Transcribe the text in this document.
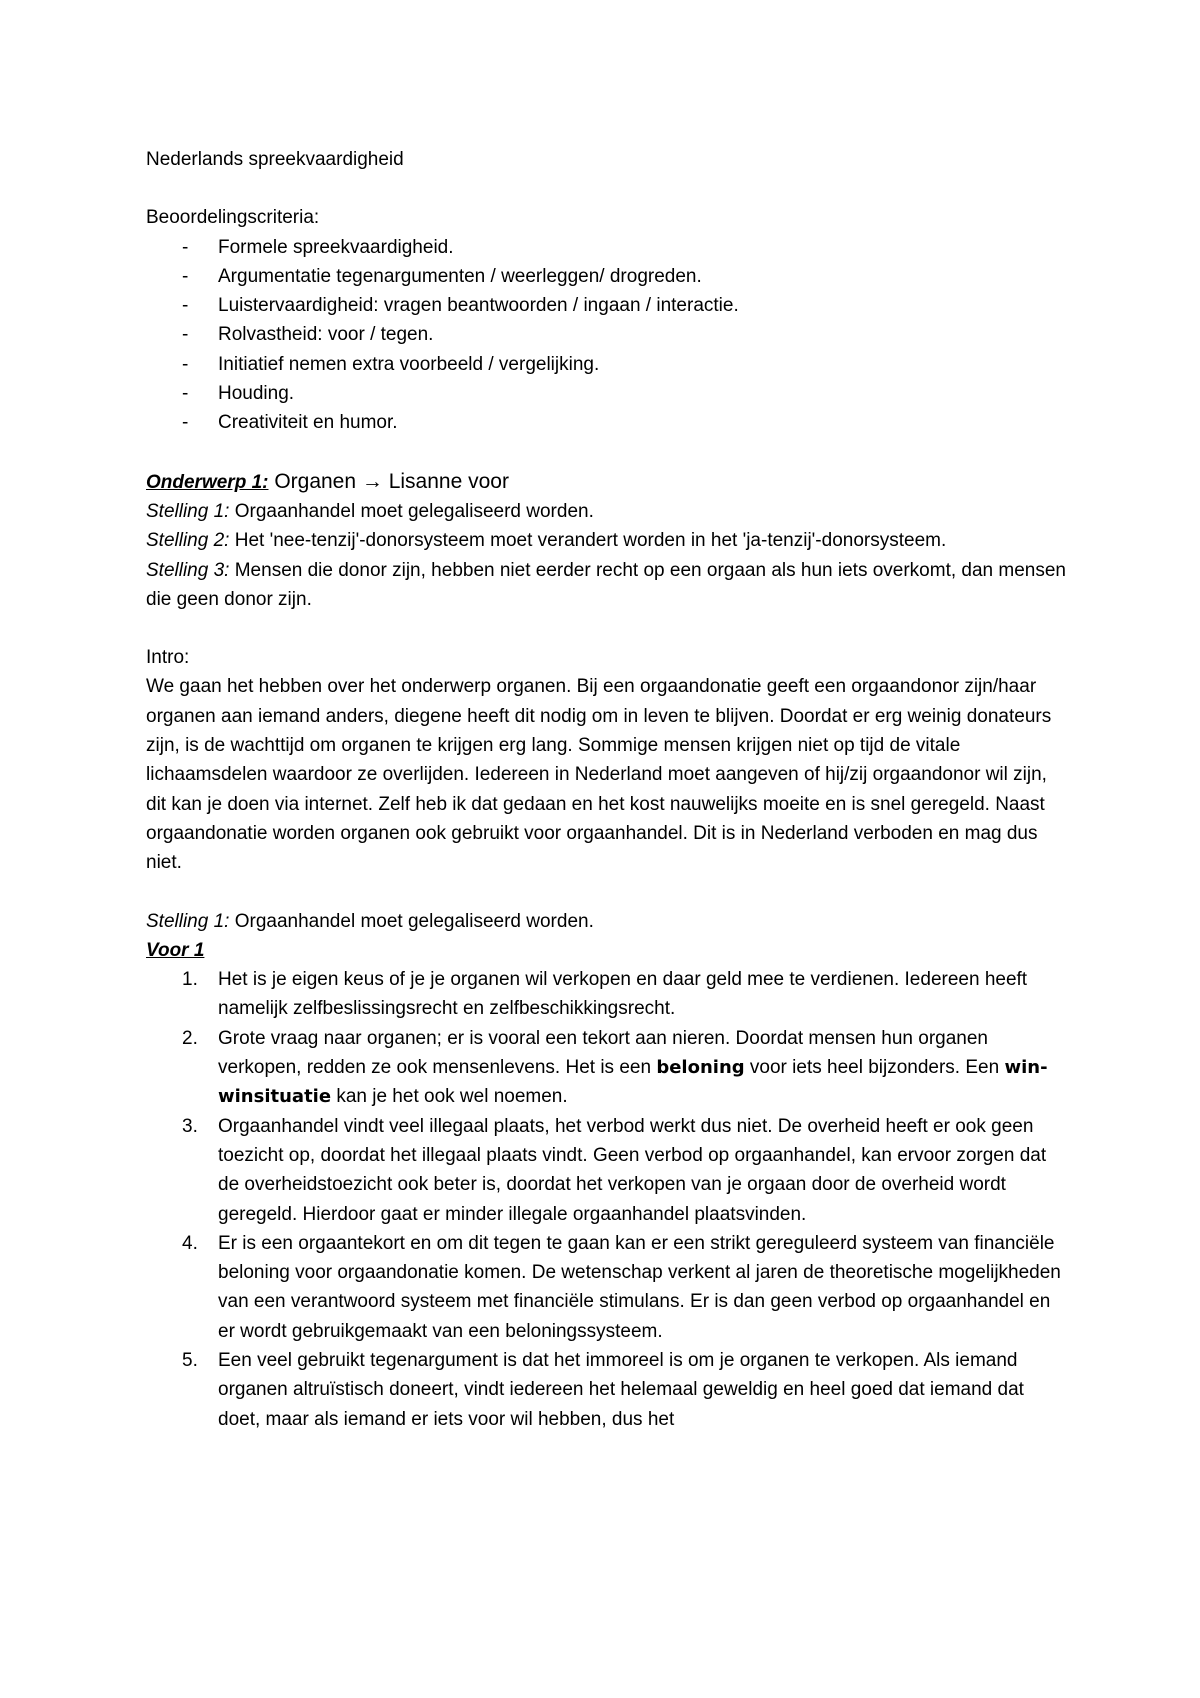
Nederlands spreekvaardigheid

Beoordelingscriteria:

- Formele spreekvaardigheid.
- Argumentatie tegenargumenten / weerleggen/ drogreden.
- Luistervaardigheid: vragen beantwoorden / ingaan / interactie.
- Rolvastheid: voor / tegen.
- Initiatief nemen extra voorbeeld / vergelijking.
- Houding.
- Creativiteit en humor.

Onderwerp 1: Organen → Lisanne voor

Stelling 1: Orgaanhandel moet gelegaliseerd worden.

Stelling 2: Het 'nee-tenzij'-donorsysteem moet verandert worden in het 'ja-tenzij'-donorsysteem.

Stelling 3: Mensen die donor zijn, hebben niet eerder recht op een orgaan als hun iets overkomt, dan mensen die geen donor zijn.

Intro:

We gaan het hebben over het onderwerp organen. Bij een orgaandonatie geeft een orgaandonor zijn/haar organen aan iemand anders, diegene heeft dit nodig om in leven te blijven. Doordat er erg weinig donateurs zijn, is de wachttijd om organen te krijgen erg lang. Sommige mensen krijgen niet op tijd de vitale lichaamsdelen waardoor ze overlijden. Iedereen in Nederland moet aangeven of hij/zij orgaandonor wil zijn, dit kan je doen via internet. Zelf heb ik dat gedaan en het kost nauwelijks moeite en is snel geregeld. Naast orgaandonatie worden organen ook gebruikt voor orgaanhandel. Dit is in Nederland verboden en mag dus niet.

Stelling 1: Orgaanhandel moet gelegaliseerd worden.

Voor 1

1. Het is je eigen keus of je je organen wil verkopen en daar geld mee te verdienen. Iedereen heeft namelijk zelfbeslissingsrecht en zelfbeschikkingsrecht.
2. Grote vraag naar organen; er is vooral een tekort aan nieren. Doordat mensen hun organen verkopen, redden ze ook mensenlevens. Het is een beloning voor iets heel bijzonders. Een win-winsituatie kan je het ook wel noemen.
3. Orgaanhandel vindt veel illegaal plaats, het verbod werkt dus niet. De overheid heeft er ook geen toezicht op, doordat het illegaal plaats vindt. Geen verbod op orgaanhandel, kan ervoor zorgen dat de overheidstoezicht ook beter is, doordat het verkopen van je orgaan door de overheid wordt geregeld. Hierdoor gaat er minder illegale orgaanhandel plaatsvinden.
4. Er is een orgaantekort en om dit tegen te gaan kan er een strikt gereguleerd systeem van financiële beloning voor orgaandonatie komen. De wetenschap verkent al jaren de theoretische mogelijkheden van een verantwoord systeem met financiële stimulans. Er is dan geen verbod op orgaanhandel en er wordt gebruikgemaakt van een beloningssysteem.
5. Een veel gebruikt tegenargument is dat het immoreel is om je organen te verkopen. Als iemand organen altruïstisch doneert, vindt iedereen het helemaal geweldig en heel goed dat iemand dat doet, maar als iemand er iets voor wil hebben, dus het
